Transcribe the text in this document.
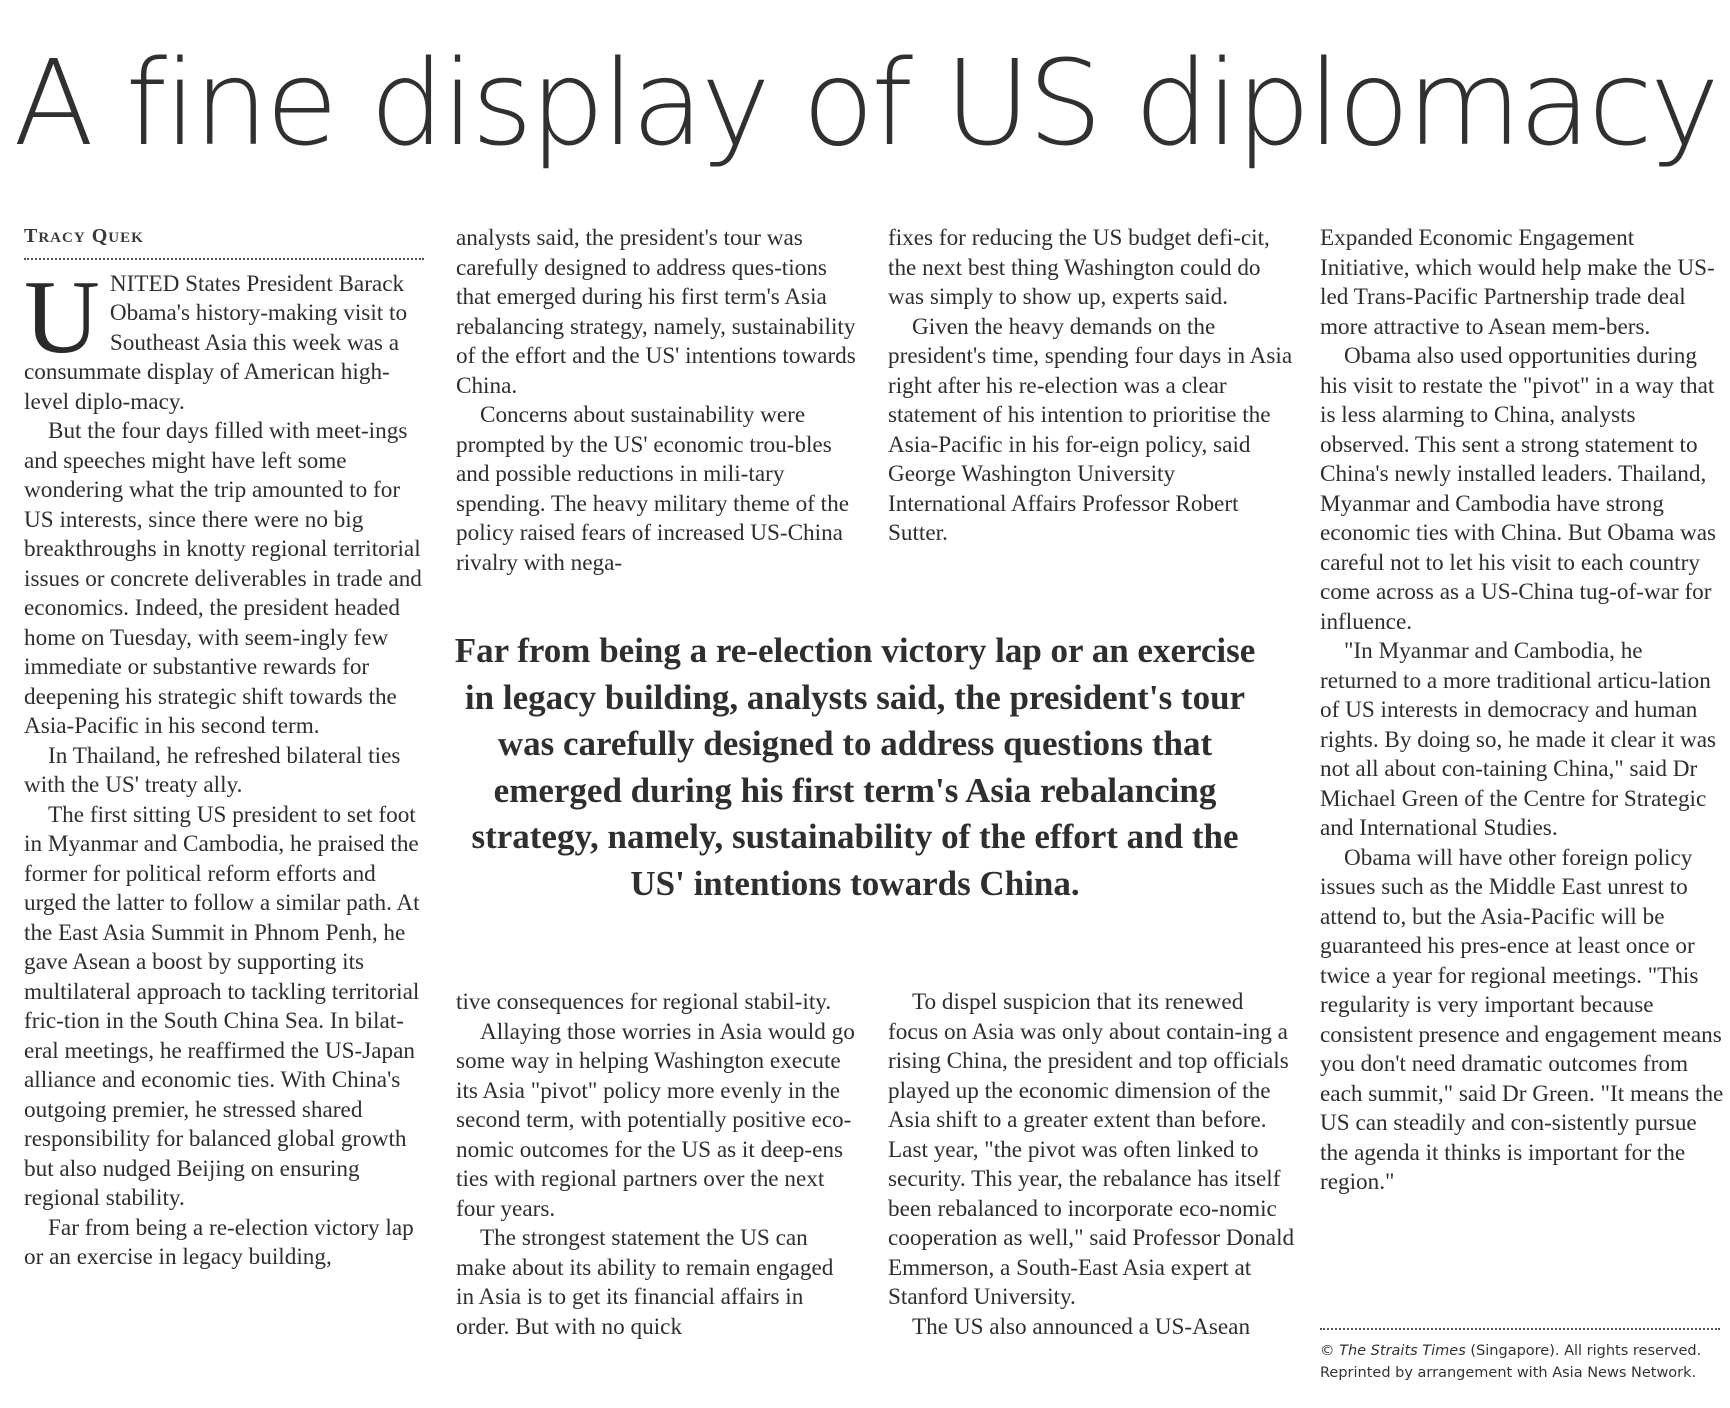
A fine display of US diplomacy
TRACY QUEK

UNITED States President Barack Obama's history-making visit to Southeast Asia this week was a consummate display of American high-level diplo-macy.

But the four days filled with meet-ings and speeches might have left some wondering what the trip amounted to for US interests, since there were no big breakthroughs in knotty regional territorial issues or concrete deliverables in trade and economics. Indeed, the president headed home on Tuesday, with seem-ingly few immediate or substantive rewards for deepening his strategic shift towards the Asia-Pacific in his second term.

In Thailand, he refreshed bilateral ties with the US' treaty ally.

The first sitting US president to set foot in Myanmar and Cambodia, he praised the former for political reform efforts and urged the latter to follow a similar path. At the East Asia Summit in Phnom Penh, he gave Asean a boost by supporting its multilateral approach to tackling territorial fric-tion in the South China Sea. In bilat-eral meetings, he reaffirmed the US-Japan alliance and economic ties. With China's outgoing premier, he stressed shared responsibility for balanced global growth but also nudged Beijing on ensuring regional stability.

Far from being a re-election victory lap or an exercise in legacy building,

analysts said, the president's tour was carefully designed to address ques-tions that emerged during his first term's Asia rebalancing strategy, namely, sustainability of the effort and the US' intentions towards China.

Concerns about sustainability were prompted by the US' economic trou-bles and possible reductions in mili-tary spending. The heavy military theme of the policy raised fears of increased US-China rivalry with nega-

fixes for reducing the US budget defi-cit, the next best thing Washington could do was simply to show up, experts said.

Given the heavy demands on the president's time, spending four days in Asia right after his re-election was a clear statement of his intention to prioritise the Asia-Pacific in his for-eign policy, said George Washington University International Affairs Professor Robert Sutter.

Far from being a re-election victory lap or an exercise in legacy building, analysts said, the president's tour was carefully designed to address questions that emerged during his first term's Asia rebalancing strategy, namely, sustainability of the effort and the US' intentions towards China.

tive consequences for regional stabil-ity.

Allaying those worries in Asia would go some way in helping Washington execute its Asia "pivot" policy more evenly in the second term, with potentially positive eco-nomic outcomes for the US as it deep-ens ties with regional partners over the next four years.

The strongest statement the US can make about its ability to remain engaged in Asia is to get its financial affairs in order. But with no quick

To dispel suspicion that its renewed focus on Asia was only about contain-ing a rising China, the president and top officials played up the economic dimension of the Asia shift to a greater extent than before. Last year, "the pivot was often linked to security. This year, the rebalance has itself been rebalanced to incorporate eco-nomic cooperation as well," said Professor Donald Emmerson, a South-East Asia expert at Stanford University.

The US also announced a US-Asean

Expanded Economic Engagement Initiative, which would help make the US-led Trans-Pacific Partnership trade deal more attractive to Asean mem-bers.

Obama also used opportunities during his visit to restate the "pivot" in a way that is less alarming to China, analysts observed. This sent a strong statement to China's newly installed leaders. Thailand, Myanmar and Cambodia have strong economic ties with China. But Obama was careful not to let his visit to each country come across as a US-China tug-of-war for influence.

"In Myanmar and Cambodia, he returned to a more traditional articu-lation of US interests in democracy and human rights. By doing so, he made it clear it was not all about con-taining China," said Dr Michael Green of the Centre for Strategic and International Studies.

Obama will have other foreign policy issues such as the Middle East unrest to attend to, but the Asia-Pacific will be guaranteed his pres-ence at least once or twice a year for regional meetings. "This regularity is very important because consistent presence and engagement means you don't need dramatic outcomes from each summit," said Dr Green. "It means the US can steadily and con-sistently pursue the agenda it thinks is important for the region."

© The Straits Times (Singapore). All rights reserved. Reprinted by arrangement with Asia News Network.
